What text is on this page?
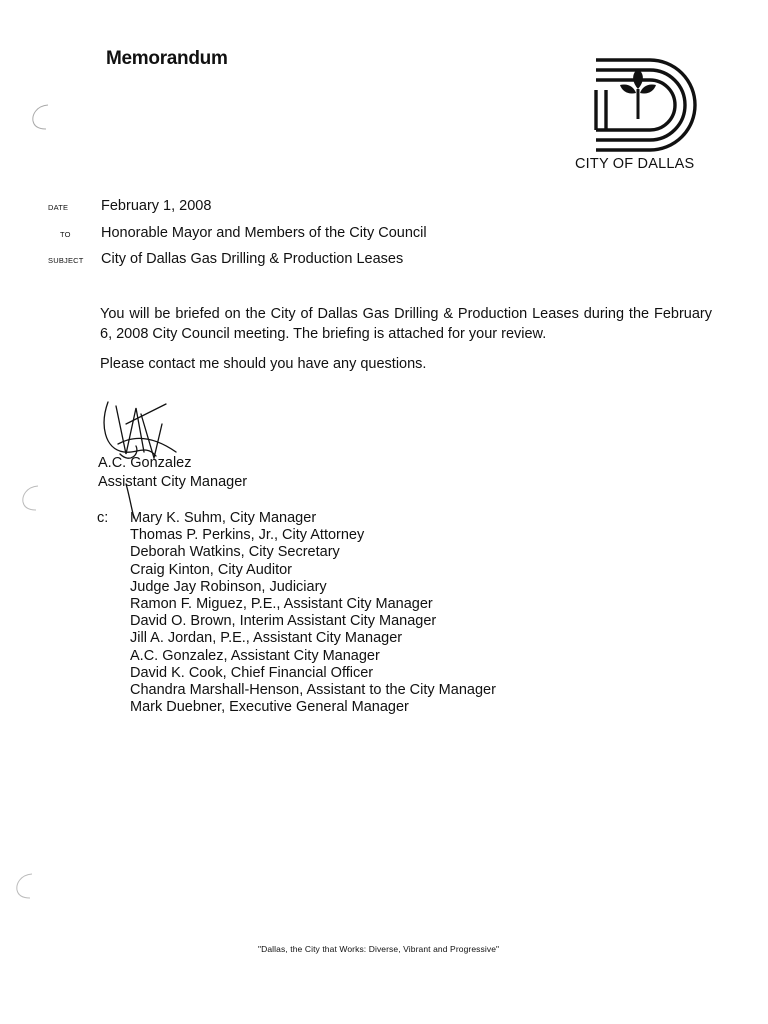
Memorandum
CITY OF DALLAS
DATE February 1, 2008
TO Honorable Mayor and Members of the City Council
SUBJECT City of Dallas Gas Drilling & Production Leases
You will be briefed on the City of Dallas Gas Drilling & Production Leases during the February 6, 2008 City Council meeting. The briefing is attached for your review.
Please contact me should you have any questions.
A.C. Gonzalez
Assistant City Manager
c: Mary K. Suhm, City Manager
Thomas P. Perkins, Jr., City Attorney
Deborah Watkins, City Secretary
Craig Kinton, City Auditor
Judge Jay Robinson, Judiciary
Ramon F. Miguez, P.E., Assistant City Manager
David O. Brown, Interim Assistant City Manager
Jill A. Jordan, P.E., Assistant City Manager
A.C. Gonzalez, Assistant City Manager
David K. Cook, Chief Financial Officer
Chandra Marshall-Henson, Assistant to the City Manager
Mark Duebner, Executive General Manager
"Dallas, the City that Works: Diverse, Vibrant and Progressive"
